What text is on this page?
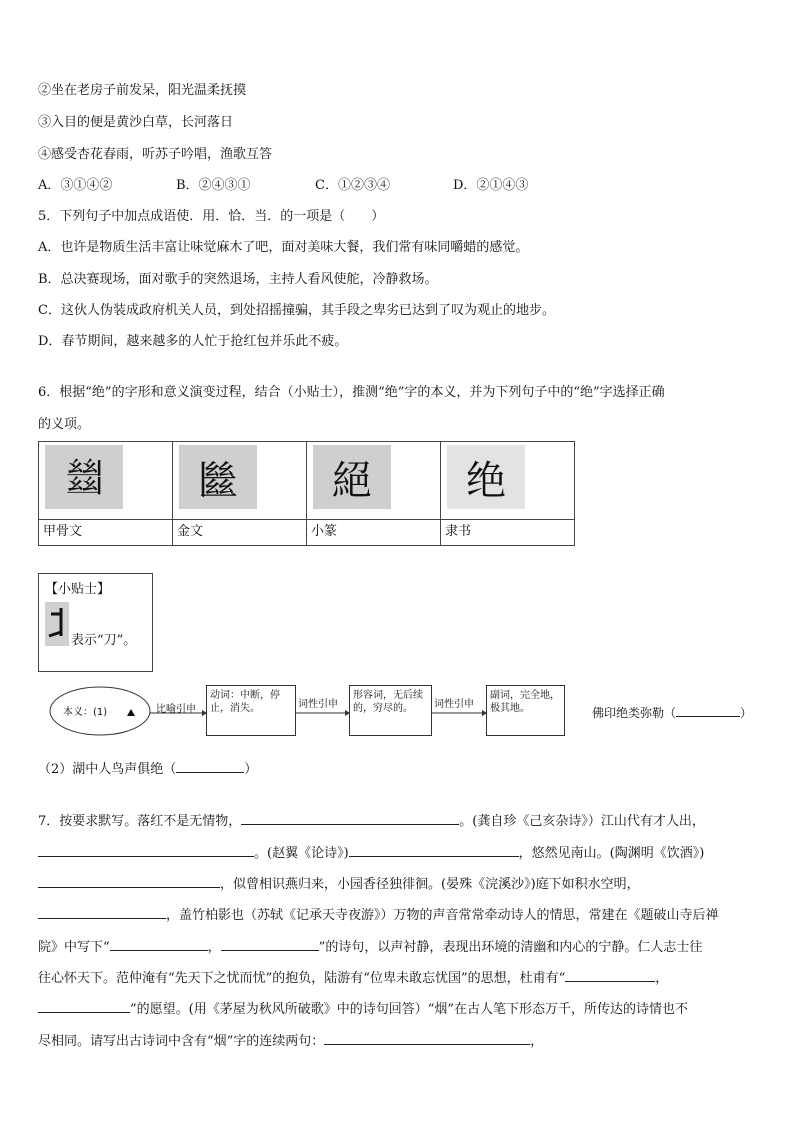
②坐在老房子前发呆，阳光温柔抚摸
③入目的便是黄沙白草，长河落日
④感受杏花春雨，听苏子吟唱，渔歌互答
A．③①④②	B．②④③①	C．①②③④	D．②①④③
5．下列句子中加点成语使．用．恰．当．的一项是（　　）
A．也许是物质生活丰富让味觉麻木了吧，面对美味大餐，我们常有味同嚼蜡的感觉。
B．总决赛现场，面对歌手的突然退场，主持人看风使舵，冷静救场。
C．这伙人伪装成政府机关人员，到处招摇撞骗，其手段之卑劣已达到了叹为观止的地步。
D．春节期间，越来越多的人忙于抢红包并乐此不疲。
6．根据“绝”的字形和意义演变过程，结合（小贴士），推测“绝”字的本义，并为下列句子中的“绝”字选择正确
的义项。
𢇍	㡭	絕	绝

甲骨文	金文	小篆	隶书
【小贴士】
表示“刀”。
本义：(1)	比喻引申
动词：中断，停止，消失。	词性引申
形容词，无后续的，穷尽的。	词性引申
副词，完全地，极其地。	佛印绝类弥勒（	）
（2）湖中人鸟声俱绝（	）
7．按要求默写。落红不是无情物，	。(龚自珍《己亥杂诗》）江山代有才人出，
。(赵翼《论诗》)	，悠然见南山。(陶渊明《饮酒》)
，似曾相识燕归来，小园香径独徘徊。(晏殊《浣溪沙》)庭下如积水空明，
，盖竹柏影也（苏轼《记承天寺夜游》）万物的声音常常牵动诗人的情思，常建在《题破山寺后禅
院》中写下“	，	”的诗句，以声衬静，表现出环境的清幽和内心的宁静。仁人志士往
往心怀天下。范仲淹有“先天下之忧而忧”的抱负，陆游有“位卑未敢忘忧国”的思想，杜甫有“	，
”的愿望。(用《茅屋为秋风所破歌》中的诗句回答）“烟”在古人笔下形态万千，所传达的诗情也不
尽相同。请写出古诗词中含有“烟”字的连续两句：	，
